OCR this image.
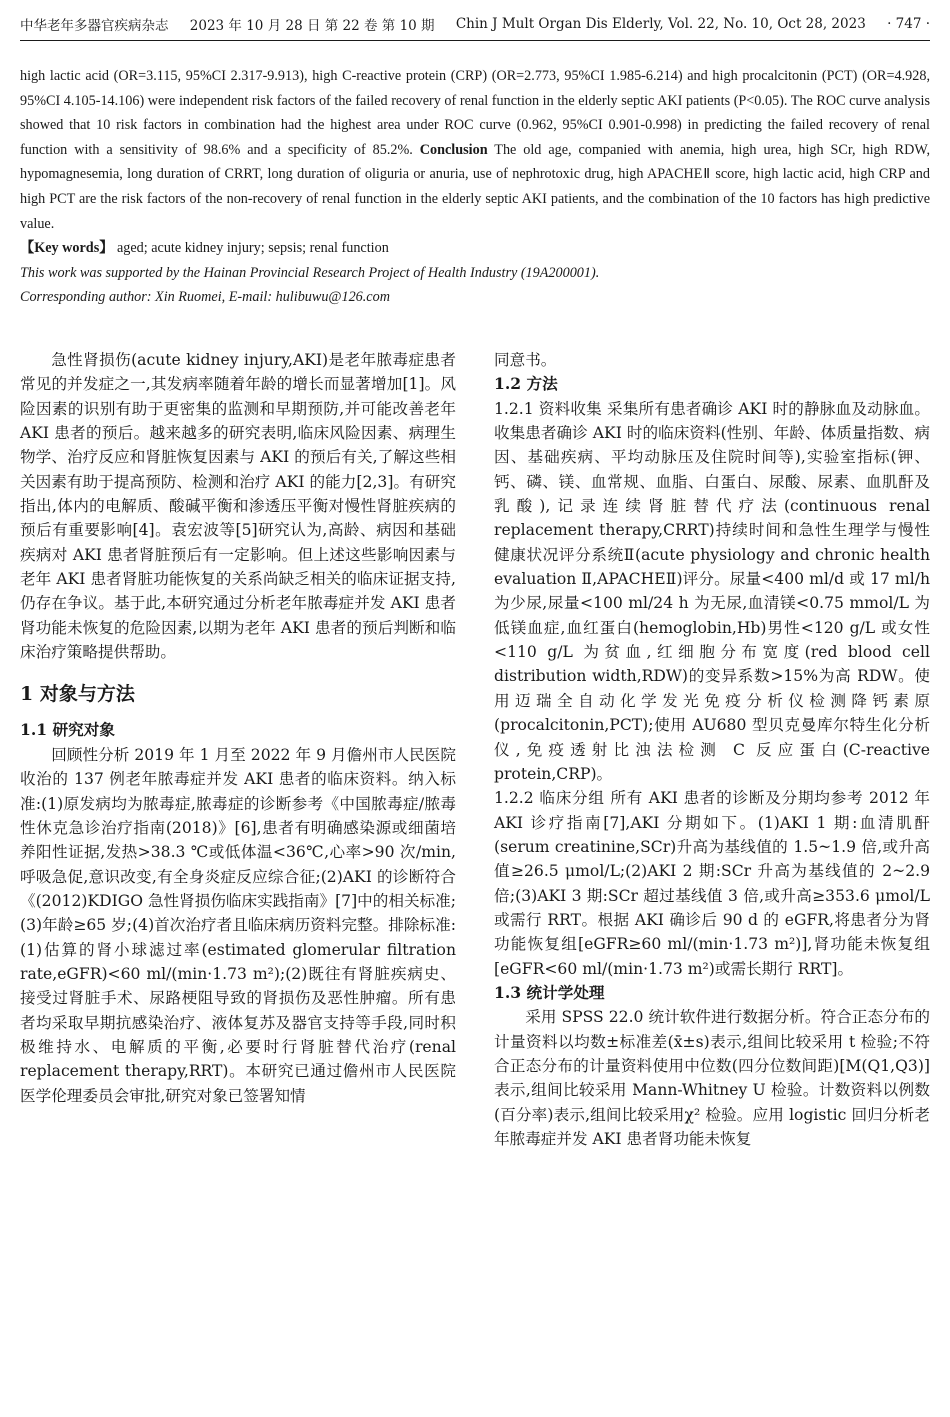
中华老年多器官疾病杂志 2023 年 10 月 28 日 第 22 卷 第 10 期 Chin J Mult Organ Dis Elderly, Vol. 22, No. 10, Oct 28, 2023 · 747 ·

high lactic acid (OR=3.115, 95%CI 2.317-9.913), high C-reactive protein (CRP) (OR=2.773, 95%CI 1.985-6.214) and high procalcitonin (PCT) (OR=4.928, 95%CI 4.105-14.106) were independent risk factors of the failed recovery of renal function in the elderly septic AKI patients (P<0.05). The ROC curve analysis showed that 10 risk factors in combination had the highest area under ROC curve (0.962, 95%CI 0.901-0.998) in predicting the failed recovery of renal function with a sensitivity of 98.6% and a specificity of 85.2%. Conclusion The old age, companied with anemia, high urea, high SCr, high RDW, hypomagnesemia, long duration of CRRT, long duration of oliguria or anuria, use of nephrotoxic drug, high APACHEⅡ score, high lactic acid, high CRP and high PCT are the risk factors of the non-recovery of renal function in the elderly septic AKI patients, and the combination of the 10 factors has high predictive value.

【Key words】 aged; acute kidney injury; sepsis; renal function

This work was supported by the Hainan Provincial Research Project of Health Industry (19A200001).

Corresponding author: Xin Ruomei, E-mail: hulibuwu@126.com

急性肾损伤(acute kidney injury,AKI)是老年脓毒症患者常见的并发症之一,其发病率随着年龄的增长而显著增加[1]。风险因素的识别有助于更密集的监测和早期预防,并可能改善老年 AKI 患者的预后。越来越多的研究表明,临床风险因素、病理生物学、治疗反应和肾脏恢复因素与 AKI 的预后有关,了解这些相关因素有助于提高预防、检测和治疗 AKI 的能力[2,3]。有研究指出,体内的电解质、酸碱平衡和渗透压平衡对慢性肾脏疾病的预后有重要影响[4]。袁宏波等[5]研究认为,高龄、病因和基础疾病对 AKI 患者肾脏预后有一定影响。但上述这些影响因素与老年 AKI 患者肾脏功能恢复的关系尚缺乏相关的临床证据支持,仍存在争议。基于此,本研究通过分析老年脓毒症并发 AKI 患者肾功能未恢复的危险因素,以期为老年 AKI 患者的预后判断和临床治疗策略提供帮助。

1 对象与方法

1.1 研究对象

回顾性分析 2019 年 1 月至 2022 年 9 月儋州市人民医院收治的 137 例老年脓毒症并发 AKI 患者的临床资料。纳入标准:(1)原发病均为脓毒症,脓毒症的诊断参考《中国脓毒症/脓毒性休克急诊治疗指南(2018)》[6],患者有明确感染源或细菌培养阳性证据,发热>38.3 ℃或低体温<36℃,心率>90 次/min,呼吸急促,意识改变,有全身炎症反应综合征;(2)AKI 的诊断符合《(2012)KDIGO 急性肾损伤临床实践指南》[7]中的相关标准;(3)年龄≥65 岁;(4)首次治疗者且临床病历资料完整。排除标准:(1)估算的肾小球滤过率(estimated glomerular filtration rate,eGFR)<60 ml/(min·1.73 m²);(2)既往有肾脏疾病史、接受过肾脏手术、尿路梗阻导致的肾损伤及恶性肿瘤。所有患者均采取早期抗感染治疗、液体复苏及器官支持等手段,同时积极维持水、电解质的平衡,必要时行肾脏替代治疗(renal replacement therapy,RRT)。本研究已通过儋州市人民医院医学伦理委员会审批,研究对象已签署知情

同意书。

1.2 方法

1.2.1 资料收集 采集所有患者确诊 AKI 时的静脉血及动脉血。收集患者确诊 AKI 时的临床资料(性别、年龄、体质量指数、病因、基础疾病、平均动脉压及住院时间等),实验室指标(钾、钙、磷、镁、血常规、血脂、白蛋白、尿酸、尿素、血肌酐及乳酸),记录连续肾脏替代疗法(continuous renal replacement therapy,CRRT)持续时间和急性生理学与慢性健康状况评分系统Ⅱ(acute physiology and chronic health evaluation Ⅱ,APACHEⅡ)评分。尿量<400 ml/d 或 17 ml/h 为少尿,尿量<100 ml/24 h 为无尿,血清镁<0.75 mmol/L 为低镁血症,血红蛋白(hemoglobin,Hb)男性<120 g/L 或女性<110 g/L 为贫血,红细胞分布宽度(red blood cell distribution width,RDW)的变异系数>15%为高 RDW。使用迈瑞全自动化学发光免疫分析仪检测降钙素原(procalcitonin,PCT);使用 AU680 型贝克曼库尔特生化分析仪,免疫透射比浊法检测 C 反应蛋白(C-reactive protein,CRP)。

1.2.2 临床分组 所有 AKI 患者的诊断及分期均参考 2012 年 AKI 诊疗指南[7],AKI 分期如下。(1)AKI 1 期:血清肌酐(serum creatinine,SCr)升高为基线值的 1.5~1.9 倍,或升高值≥26.5 μmol/L;(2)AKI 2 期:SCr 升高为基线值的 2~2.9 倍;(3)AKI 3 期:SCr 超过基线值 3 倍,或升高≥353.6 μmol/L 或需行 RRT。根据 AKI 确诊后 90 d 的 eGFR,将患者分为肾功能恢复组[eGFR≥60 ml/(min·1.73 m²)],肾功能未恢复组[eGFR<60 ml/(min·1.73 m²)或需长期行 RRT]。

1.3 统计学处理

采用 SPSS 22.0 统计软件进行数据分析。符合正态分布的计量资料以均数±标准差(x̄±s)表示,组间比较采用 t 检验;不符合正态分布的计量资料使用中位数(四分位数间距)[M(Q1,Q3)]表示,组间比较采用 Mann-Whitney U 检验。计数资料以例数(百分率)表示,组间比较采用χ² 检验。应用 logistic 回归分析老年脓毒症并发 AKI 患者肾功能未恢复
